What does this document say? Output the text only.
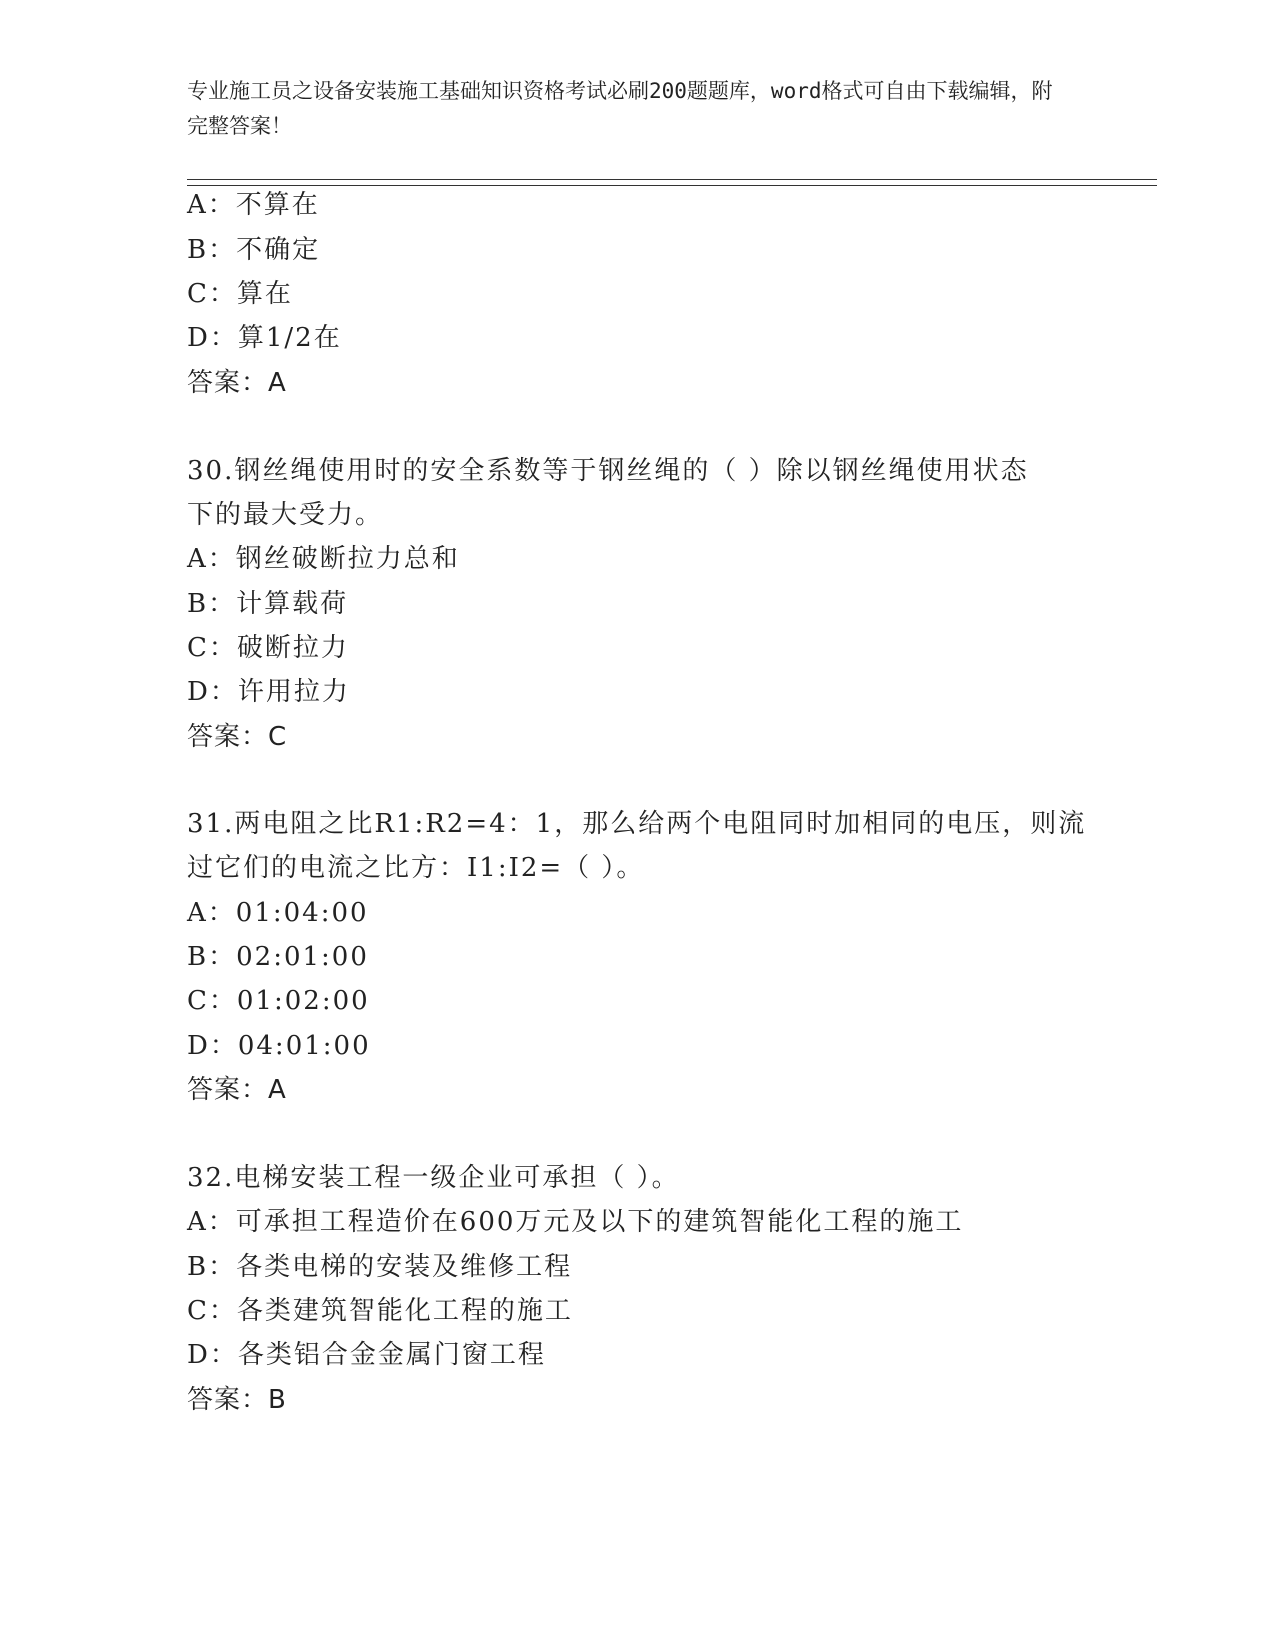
专业施工员之设备安装施工基础知识资格考试必刷200题题库，word格式可自由下载编辑，附完整答案！
A：不算在
B：不确定
C：算在
D：算1/2在
答案：A
30.钢丝绳使用时的安全系数等于钢丝绳的（ ）除以钢丝绳使用状态
下的最大受力。
A：钢丝破断拉力总和
B：计算载荷
C：破断拉力
D：许用拉力
答案：C
31.两电阻之比R1:R2=4：1，那么给两个电阻同时加相同的电压，则流
过它们的电流之比方：I1:I2=（ ）。
A：01:04:00
B：02:01:00
C：01:02:00
D：04:01:00
答案：A
32.电梯安装工程一级企业可承担（ ）。
A：可承担工程造价在600万元及以下的建筑智能化工程的施工
B：各类电梯的安装及维修工程
C：各类建筑智能化工程的施工
D：各类铝合金金属门窗工程
答案：B
